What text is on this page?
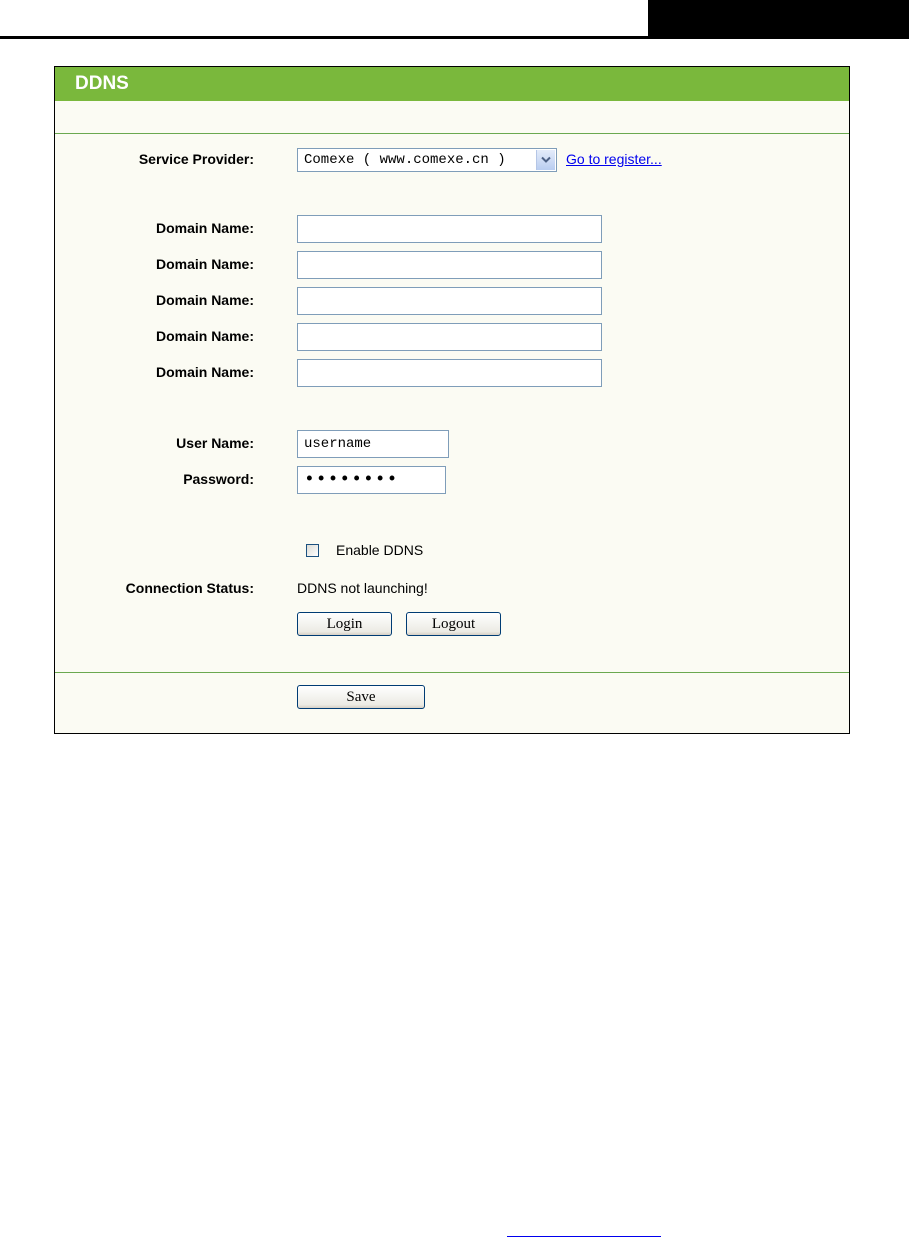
DDNS
Service Provider:	Comexe ( www.comexe.cn )	Go to register...
Domain Name:
Domain Name:
Domain Name:
Domain Name:
Domain Name:
User Name:
username
Password:
Enable DDNS
Connection Status:	DDNS not launching!
Login	Logout
Save
